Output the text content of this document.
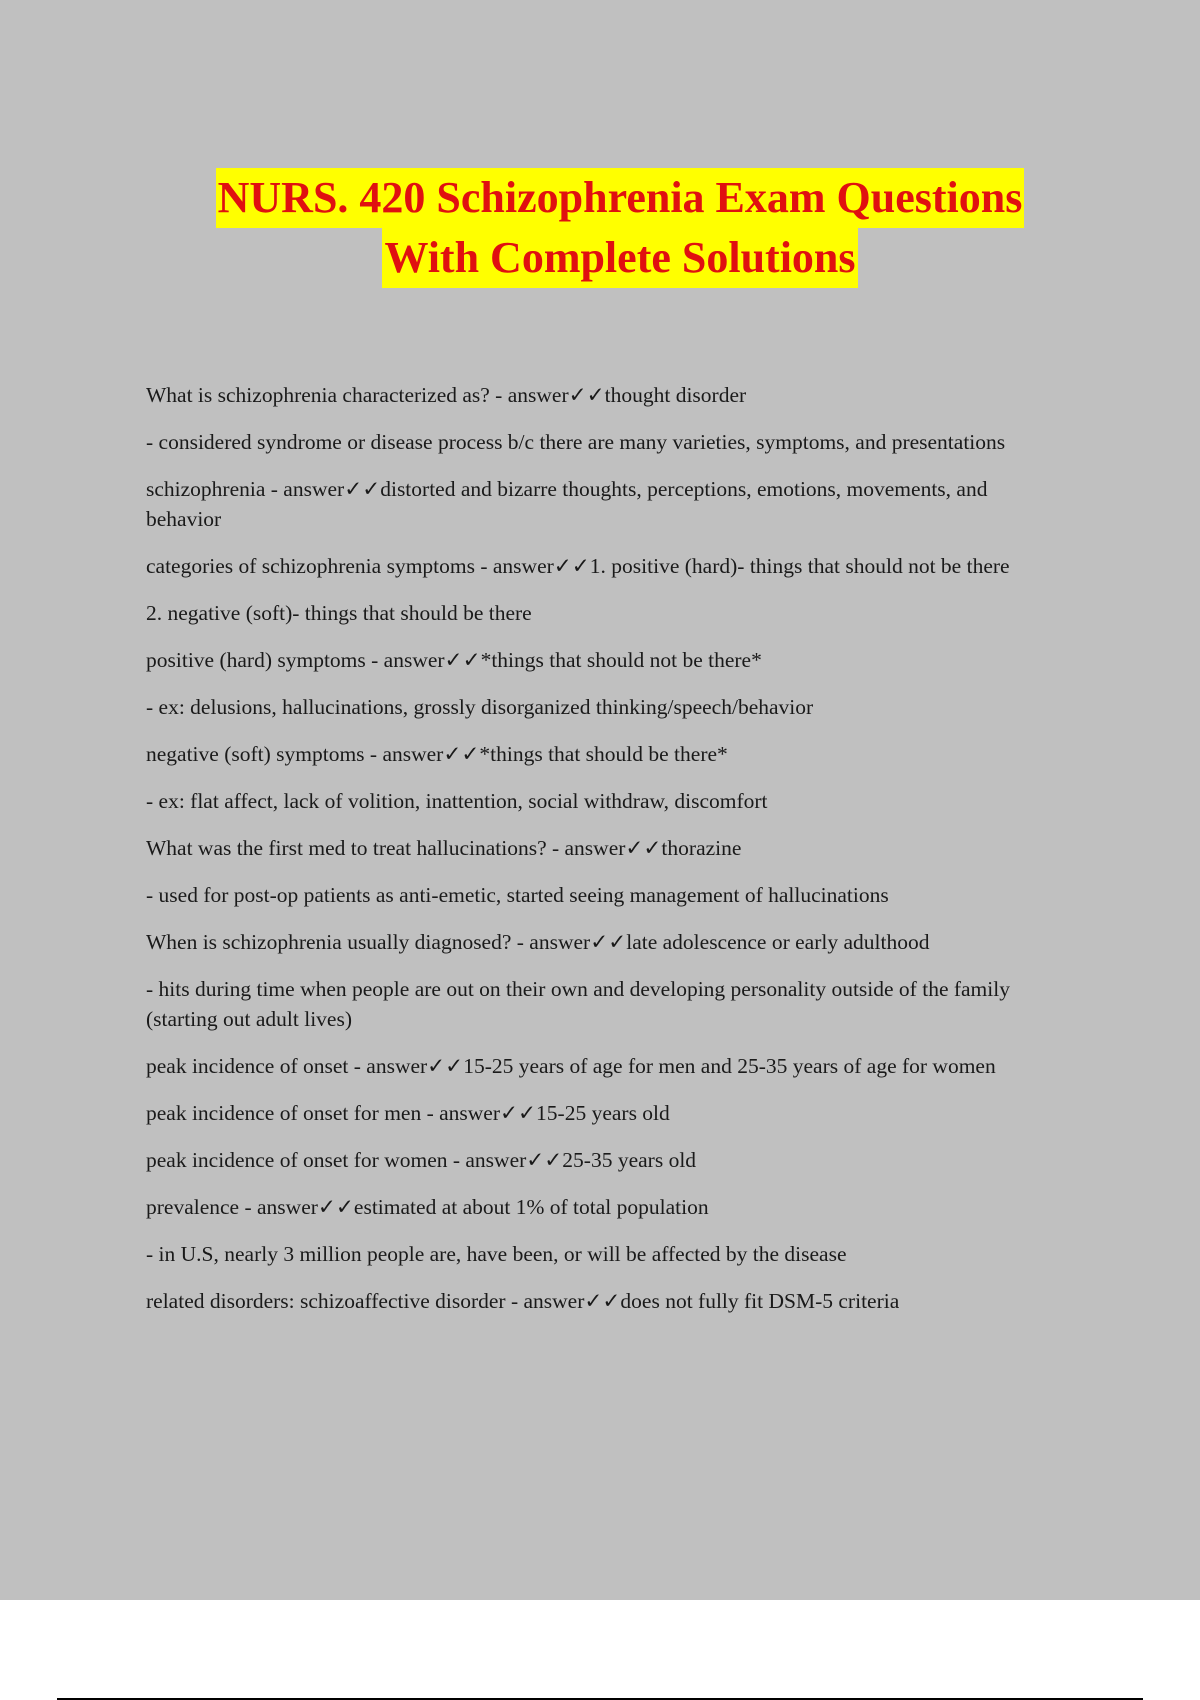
NURS. 420 Schizophrenia Exam Questions
With Complete Solutions

What is schizophrenia characterized as? - answer✓✓thought disorder

- considered syndrome or disease process b/c there are many varieties, symptoms, and presentations

schizophrenia - answer✓✓distorted and bizarre thoughts, perceptions, emotions, movements, and behavior

categories of schizophrenia symptoms - answer✓✓1. positive (hard)- things that should not be there

2. negative (soft)- things that should be there

positive (hard) symptoms - answer✓✓*things that should not be there*

- ex: delusions, hallucinations, grossly disorganized thinking/speech/behavior

negative (soft) symptoms - answer✓✓*things that should be there*

- ex: flat affect, lack of volition, inattention, social withdraw, discomfort

What was the first med to treat hallucinations? - answer✓✓thorazine

- used for post-op patients as anti-emetic, started seeing management of hallucinations

When is schizophrenia usually diagnosed? - answer✓✓late adolescence or early adulthood

- hits during time when people are out on their own and developing personality outside of the family (starting out adult lives)

peak incidence of onset - answer✓✓15-25 years of age for men and 25-35 years of age for women

peak incidence of onset for men - answer✓✓15-25 years old

peak incidence of onset for women - answer✓✓25-35 years old

prevalence - answer✓✓estimated at about 1% of total population

- in U.S, nearly 3 million people are, have been, or will be affected by the disease

related disorders: schizoaffective disorder - answer✓✓does not fully fit DSM-5 criteria
